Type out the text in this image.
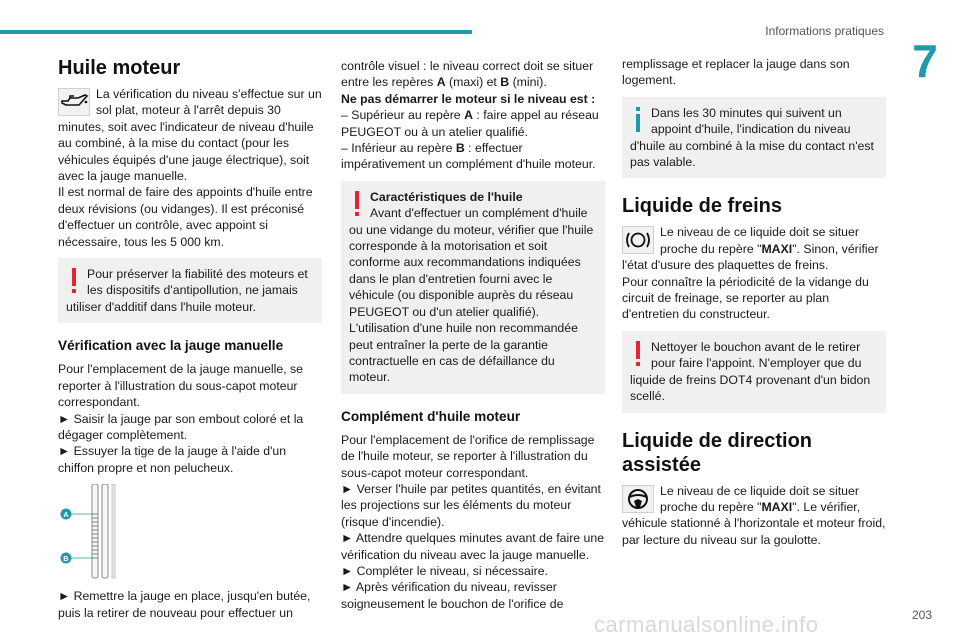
Informations pratiques
7
Huile moteur

La vérification du niveau s'effectue sur un sol plat, moteur à l'arrêt depuis 30 minutes, soit avec l'indicateur de niveau d'huile au combiné, à la mise du contact (pour les véhicules équipés d'une jauge électrique), soit avec la jauge manuelle.

Il est normal de faire des appoints d'huile entre deux révisions (ou vidanges). Il est préconisé d'effectuer un contrôle, avec appoint si nécessaire, tous les 5 000 km.

Pour préserver la fiabilité des moteurs et les dispositifs d'antipollution, ne jamais utiliser d'additif dans l'huile moteur.

Vérification avec la jauge manuelle

Pour l'emplacement de la jauge manuelle, se reporter à l'illustration du sous-capot moteur correspondant.

► Saisir la jauge par son embout coloré et la dégager complètement.

► Essuyer la tige de la jauge à l'aide d'un chiffon propre et non pelucheux.

A
B

► Remettre la jauge en place, jusqu'en butée, puis la retirer de nouveau pour effectuer un

contrôle visuel : le niveau correct doit se situer entre les repères A (maxi) et B (mini).

Ne pas démarrer le moteur si le niveau est :

– Supérieur au repère A : faire appel au réseau PEUGEOT ou à un atelier qualifié.

– Inférieur au repère B : effectuer impérativement un complément d'huile moteur.

Caractéristiques de l'huile

Avant d'effectuer un complément d'huile ou une vidange du moteur, vérifier que l'huile corresponde à la motorisation et soit conforme aux recommandations indiquées dans le plan d'entretien fourni avec le véhicule (ou disponible auprès du réseau PEUGEOT ou d'un atelier qualifié).

L'utilisation d'une huile non recommandée peut entraîner la perte de la garantie contractuelle en cas de défaillance du moteur.

Complément d'huile moteur

Pour l'emplacement de l'orifice de remplissage de l'huile moteur, se reporter à l'illustration du sous-capot moteur correspondant.

► Verser l'huile par petites quantités, en évitant les projections sur les éléments du moteur (risque d'incendie).

► Attendre quelques minutes avant de faire une vérification du niveau avec la jauge manuelle.

► Compléter le niveau, si nécessaire.

► Après vérification du niveau, revisser soigneusement le bouchon de l'orifice de

remplissage et replacer la jauge dans son logement.

Dans les 30 minutes qui suivent un appoint d'huile, l'indication du niveau d'huile au combiné à la mise du contact n'est pas valable.

Liquide de freins

Le niveau de ce liquide doit se situer proche du repère "MAXI". Sinon, vérifier l'état d'usure des plaquettes de freins.

Pour connaître la périodicité de la vidange du circuit de freinage, se reporter au plan d'entretien du constructeur.

Nettoyer le bouchon avant de le retirer pour faire l'appoint. N'employer que du liquide de freins DOT4 provenant d'un bidon scellé.

Liquide de direction assistée

Le niveau de ce liquide doit se situer proche du repère "MAXI". Le vérifier, véhicule stationné à l'horizontale et moteur froid, par lecture du niveau sur la goulotte.

carmanualsonline.info	203
